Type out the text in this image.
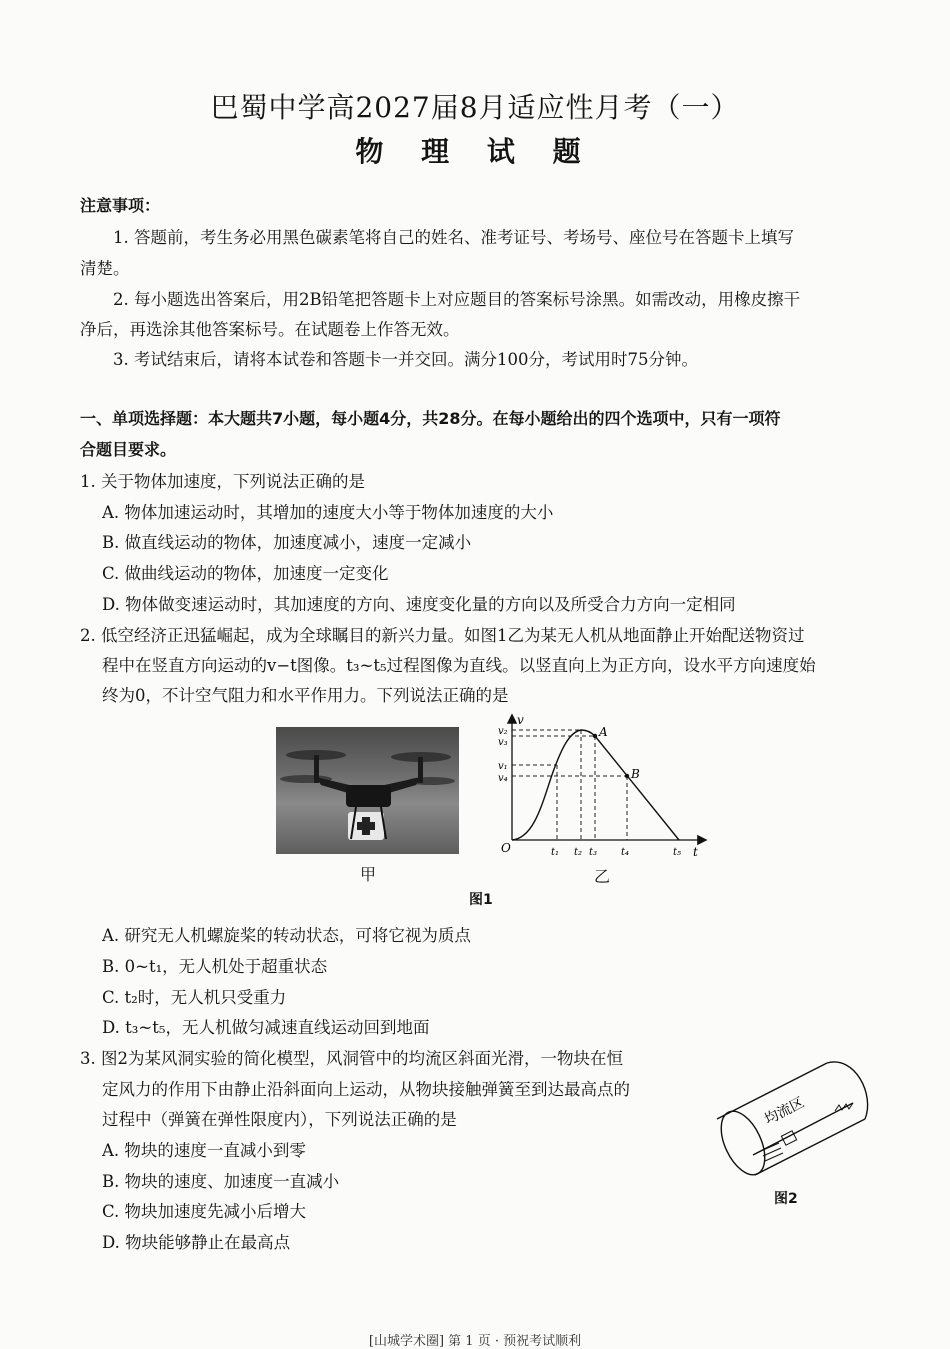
巴蜀中学高2027届8月适应性月考（一）
物 理 试 题
注意事项：
1. 答题前，考生务必用黑色碳素笔将自己的姓名、准考证号、考场号、座位号在答题卡上填写
清楚。
2. 每小题选出答案后，用2B铅笔把答题卡上对应题目的答案标号涂黑。如需改动，用橡皮擦干
净后，再选涂其他答案标号。在试题卷上作答无效。
3. 考试结束后，请将本试卷和答题卡一并交回。满分100分，考试用时75分钟。
一、单项选择题：本大题共7小题，每小题4分，共28分。在每小题给出的四个选项中，只有一项符
合题目要求。
1. 关于物体加速度，下列说法正确的是
A. 物体加速运动时，其增加的速度大小等于物体加速度的大小
B. 做直线运动的物体，加速度减小，速度一定减小
C. 做曲线运动的物体，加速度一定变化
D. 物体做变速运动时，其加速度的方向、速度变化量的方向以及所受合力方向一定相同
2. 低空经济正迅猛崛起，成为全球瞩目的新兴力量。如图1乙为某无人机从地面静止开始配送物资过
程中在竖直方向运动的v−t图像。t₃~t₅过程图像为直线。以竖直向上为正方向，设水平方向速度始
终为0，不计空气阻力和水平作用力。下列说法正确的是
甲
v
t
O
A
B
v₂
v₃
v₁
v₄
t₁ t₂ t₃ t₄	t₅
乙
图1
A. 研究无人机螺旋桨的转动状态，可将它视为质点
B. 0~t₁，无人机处于超重状态
C. t₂时，无人机只受重力
D. t₃~t₅，无人机做匀减速直线运动回到地面
3. 图2为某风洞实验的简化模型，风洞管中的均流区斜面光滑，一物块在恒
定风力的作用下由静止沿斜面向上运动，从物块接触弹簧至到达最高点的
过程中（弹簧在弹性限度内），下列说法正确的是
A. 物块的速度一直减小到零
B. 物块的速度、加速度一直减小
C. 物块加速度先减小后增大
D. 物块能够静止在最高点
均流区
图2
[山城学术圈] 第 1 页 · 预祝考试顺利
